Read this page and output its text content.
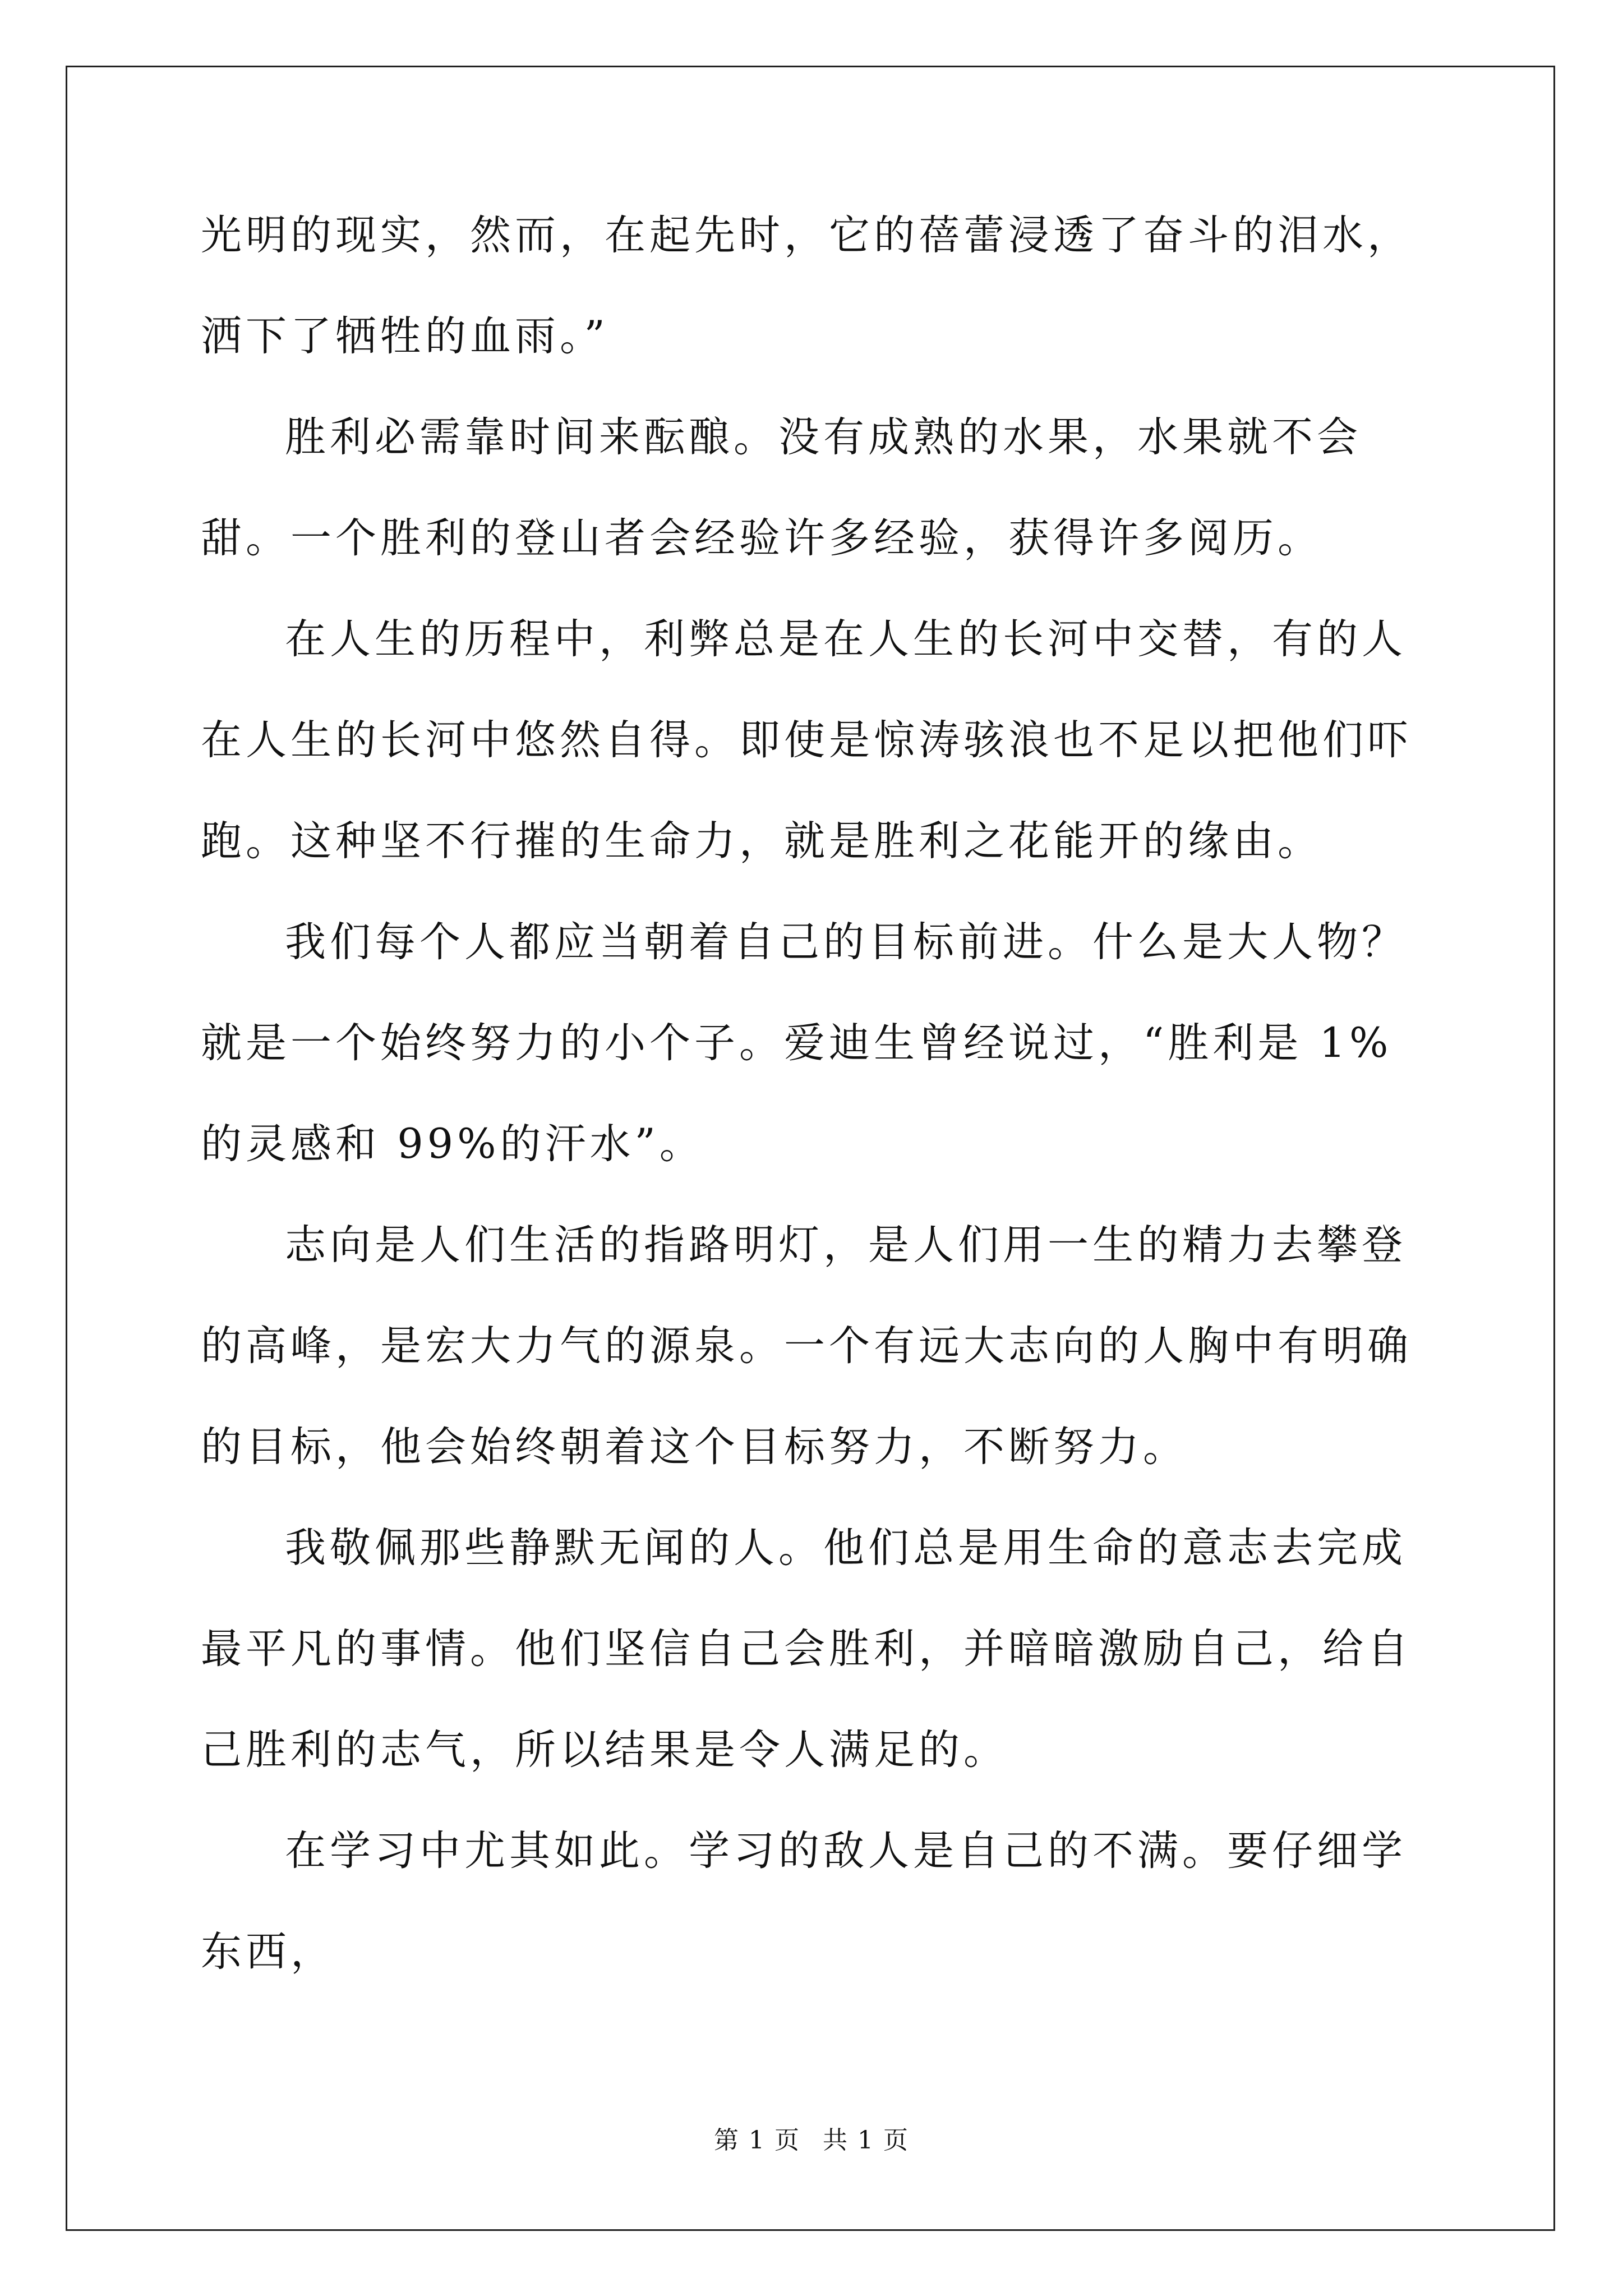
光明的现实，然而，在起先时，它的蓓蕾浸透了奋斗的泪水，洒下了牺牲的血雨。”

胜利必需靠时间来酝酿。没有成熟的水果，水果就不会甜。一个胜利的登山者会经验许多经验，获得许多阅历。

在人生的历程中，利弊总是在人生的长河中交替，有的人在人生的长河中悠然自得。即使是惊涛骇浪也不足以把他们吓跑。这种坚不行摧的生命力，就是胜利之花能开的缘由。

我们每个人都应当朝着自己的目标前进。什么是大人物？就是一个始终努力的小个子。爱迪生曾经说过，“胜利是 1%的灵感和 99%的汗水”。

志向是人们生活的指路明灯，是人们用一生的精力去攀登的高峰，是宏大力气的源泉。一个有远大志向的人胸中有明确的目标，他会始终朝着这个目标努力，不断努力。

我敬佩那些静默无闻的人。他们总是用生命的意志去完成最平凡的事情。他们坚信自己会胜利，并暗暗激励自己，给自己胜利的志气，所以结果是令人满足的。

在学习中尤其如此。学习的敌人是自己的不满。要仔细学东西，

第 1 页 共 1 页
